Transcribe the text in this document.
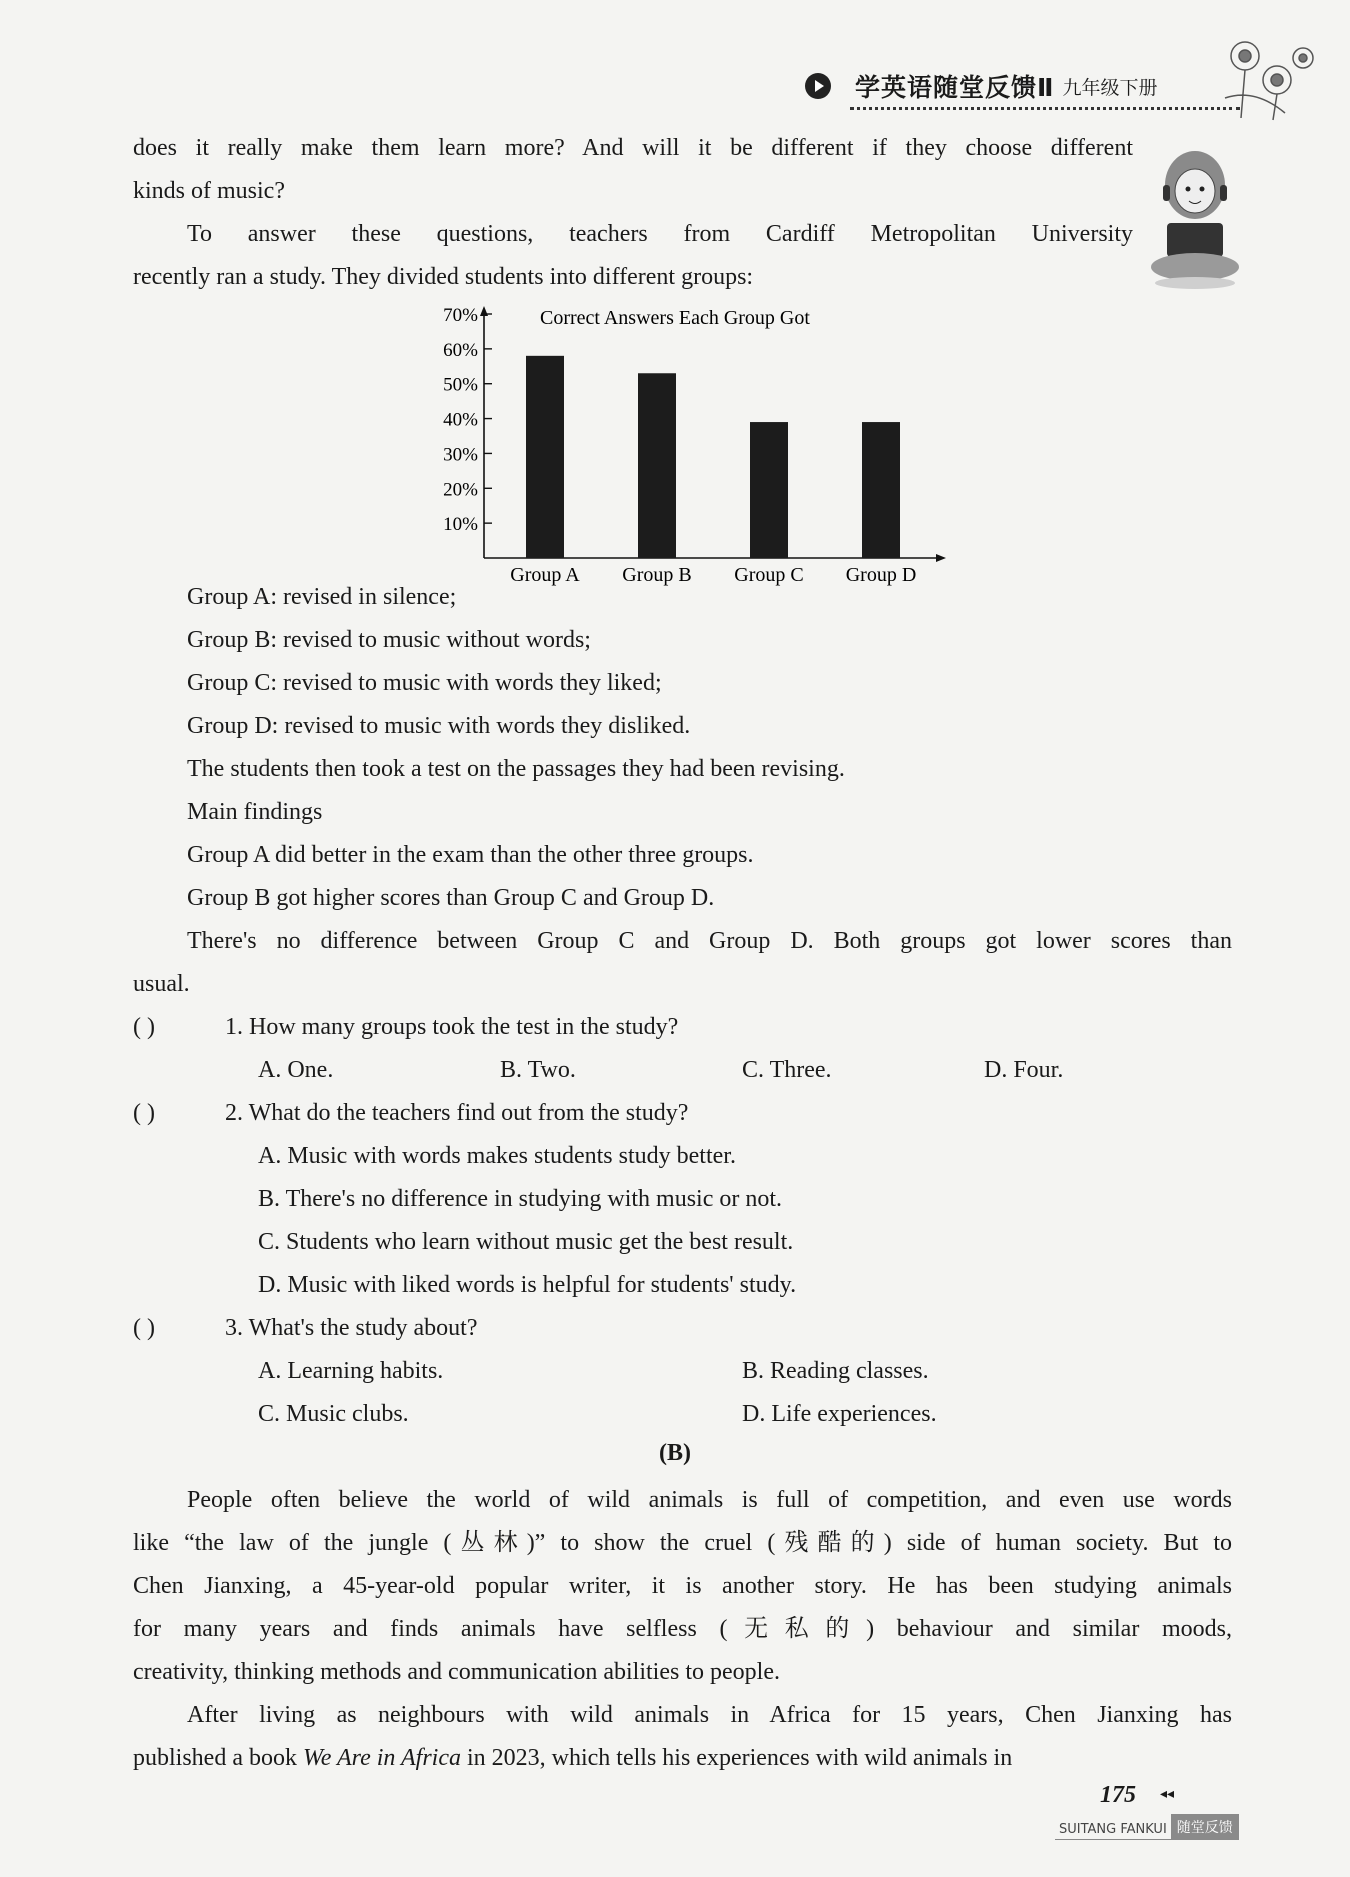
学英语随堂反馈Ⅱ 九年级下册
does it really make them learn more? And will it be different if they choose different
kinds of music?
To answer these questions, teachers from Cardiff Metropolitan University
recently ran a study. They divided students into different groups:
Correct Answers Each Group Got
10%
20%
30%
40%
50%
60%
70%
Group A Group B Group C Group D
Group A: revised in silence;
Group B: revised to music without words;
Group C: revised to music with words they liked;
Group D: revised to music with words they disliked.
The students then took a test on the passages they had been revising.
Main findings
Group A did better in the exam than the other three groups.
Group B got higher scores than Group C and Group D.
There's no difference between Group C and Group D. Both groups got lower scores than
usual.
( )	1. How many groups took the test in the study?
A. One.	B. Two.	C. Three.	D. Four.
( )	2. What do the teachers find out from the study?
A. Music with words makes students study better.
B. There's no difference in studying with music or not.
C. Students who learn without music get the best result.
D. Music with liked words is helpful for students' study.
( )	3. What's the study about?
A. Learning habits.	B. Reading classes.
C. Music clubs.	D. Life experiences.
(B)
People often believe the world of wild animals is full of competition, and even use words
like “the law of the jungle (丛林)” to show the cruel (残酷的) side of human society. But to
Chen Jianxing, a 45-year-old popular writer, it is another story. He has been studying animals
for many years and finds animals have selfless (无私的) behaviour and similar moods,
creativity, thinking methods and communication abilities to people.
After living as neighbours with wild animals in Africa for 15 years, Chen Jianxing has
published a book We Are in Africa in 2023, which tells his experiences with wild animals in
175 ◂◂
SUITANG FANKUI 随堂反馈
